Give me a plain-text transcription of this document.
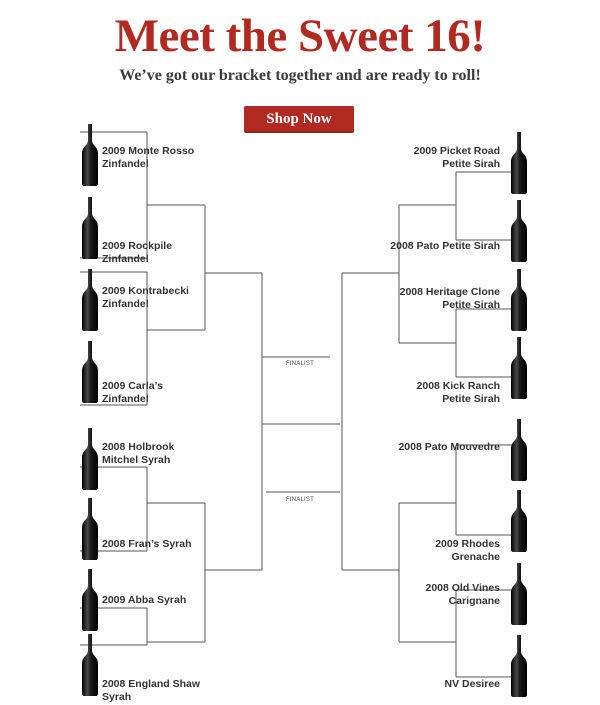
Meet the Sweet 16!
We’ve got our bracket together and are ready to roll!
Shop Now
FINALIST
FINALIST
2009 Monte Rosso Zinfandel
2009 Rockpile Zinfandel
2009 Kontrabecki Zinfandel
2009 Carla’s Zinfandel
2008 Holbrook Mitchel Syrah
2008 Fran’s Syrah
2009 Abba Syrah
2008 England Shaw Syrah
2009 Picket Road Petite Sirah
2008 Pato Petite Sirah
2008 Heritage Clone Petite Sirah
2008 Kick Ranch Petite Sirah
2008 Pato Mouvedre
2009 Rhodes Grenache
2008 Old Vines Carignane
NV Desiree
